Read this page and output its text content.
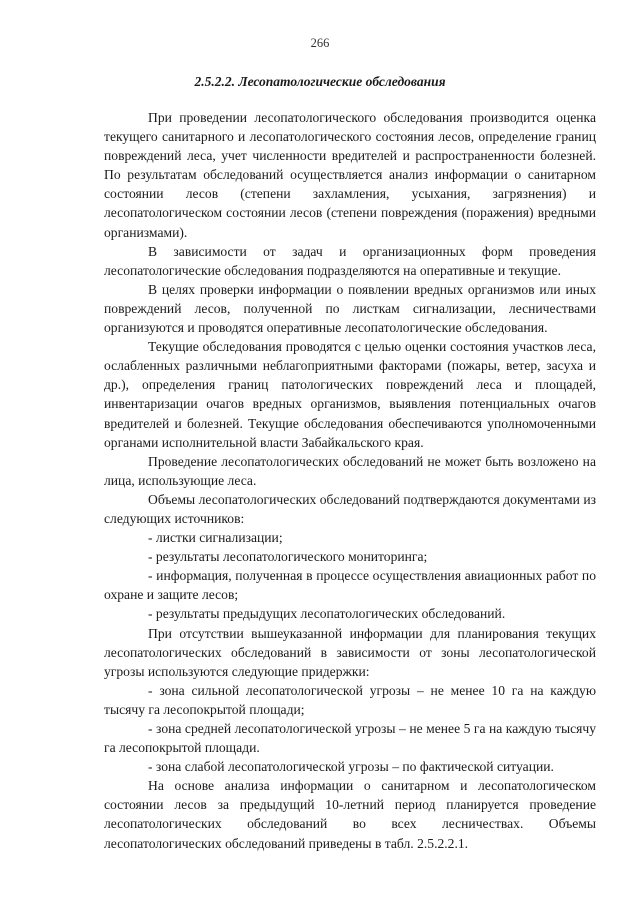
266
2.5.2.2. Лесопатологические обследования

При проведении лесопатологического обследования производится оценка текущего санитарного и лесопатологического состояния лесов, определение границ повреждений леса, учет численности вредителей и распространенности болезней. По результатам обследований осуществляется анализ информации о санитарном состоянии лесов (степени захламления, усыхания, загрязнения) и лесопатологическом состоянии лесов (степени повреждения (поражения) вредными организмами).

В зависимости от задач и организационных форм проведения лесопатологические обследования подразделяются на оперативные и текущие.

В целях проверки информации о появлении вредных организмов или иных повреждений лесов, полученной по листкам сигнализации, лесничествами организуются и проводятся оперативные лесопатологические обследования.

Текущие обследования проводятся с целью оценки состояния участков леса, ослабленных различными неблагоприятными факторами (пожары, ветер, засуха и др.), определения границ патологических повреждений леса и площадей, инвентаризации очагов вредных организмов, выявления потенциальных очагов вредителей и болезней. Текущие обследования обеспечиваются уполномоченными органами исполнительной власти Забайкальского края.

Проведение лесопатологических обследований не может быть возложено на лица, использующие леса.

Объемы лесопатологических обследований подтверждаются документами из следующих источников:

- листки сигнализации;

- результаты лесопатологического мониторинга;

- информация, полученная в процессе осуществления авиационных работ по охране и защите лесов;

- результаты предыдущих лесопатологических обследований.

При отсутствии вышеуказанной информации для планирования текущих лесопатологических обследований в зависимости от зоны лесопатологической угрозы используются следующие придержки:

- зона сильной лесопатологической угрозы – не менее 10 га на каждую тысячу га лесопокрытой площади;

- зона средней лесопатологической угрозы – не менее 5 га на каждую тысячу га лесопокрытой площади.

- зона слабой лесопатологической угрозы – по фактической ситуации.

На основе анализа информации о санитарном и лесопатологическом состоянии лесов за предыдущий 10-летний период планируется проведение лесопатологических обследований во всех лесничествах. Объемы лесопатологических обследований приведены в табл. 2.5.2.2.1.
